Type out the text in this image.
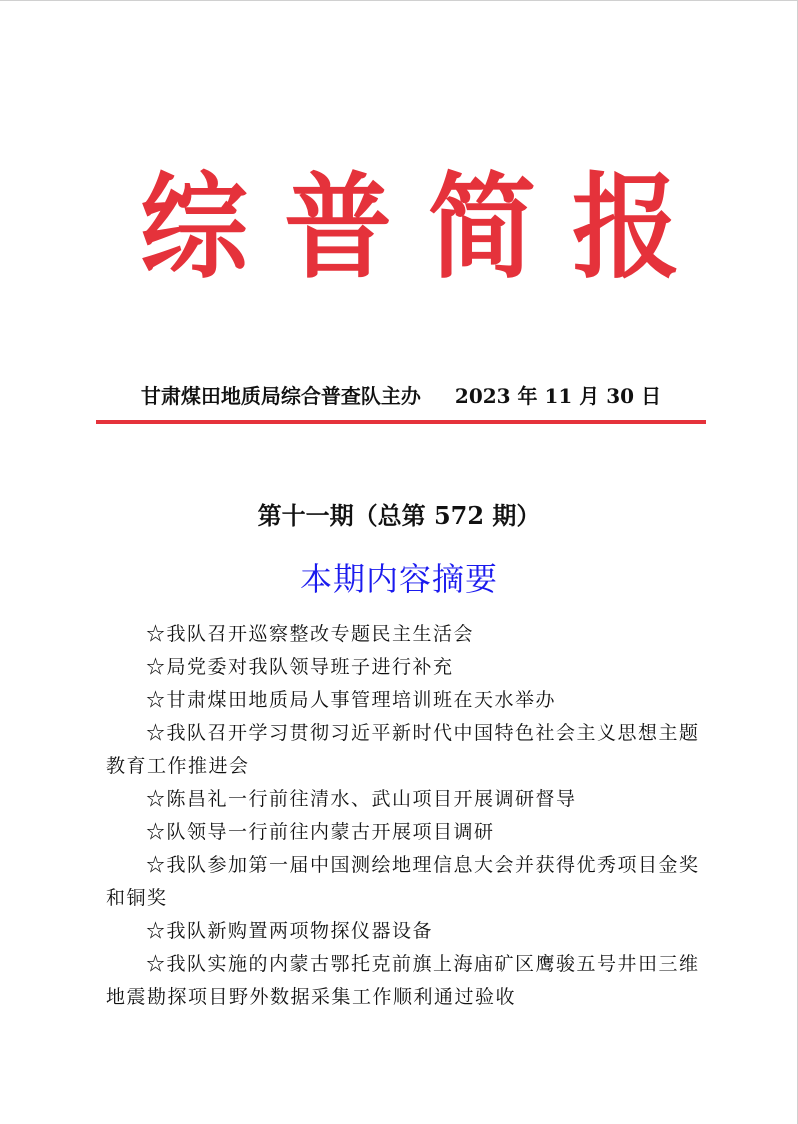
综 普 简 报
甘肃煤田地质局综合普查队主办 2023 年 11 月 30 日
第十一期（总第 572 期）
本期内容摘要
☆我队召开巡察整改专题民主生活会
☆局党委对我队领导班子进行补充
☆甘肃煤田地质局人事管理培训班在天水举办
☆我队召开学习贯彻习近平新时代中国特色社会主义思想主题教育工作推进会
☆陈昌礼一行前往清水、武山项目开展调研督导
☆队领导一行前往内蒙古开展项目调研
☆我队参加第一届中国测绘地理信息大会并获得优秀项目金奖和铜奖
☆我队新购置两项物探仪器设备
☆我队实施的内蒙古鄂托克前旗上海庙矿区鹰骏五号井田三维地震勘探项目野外数据采集工作顺利通过验收
